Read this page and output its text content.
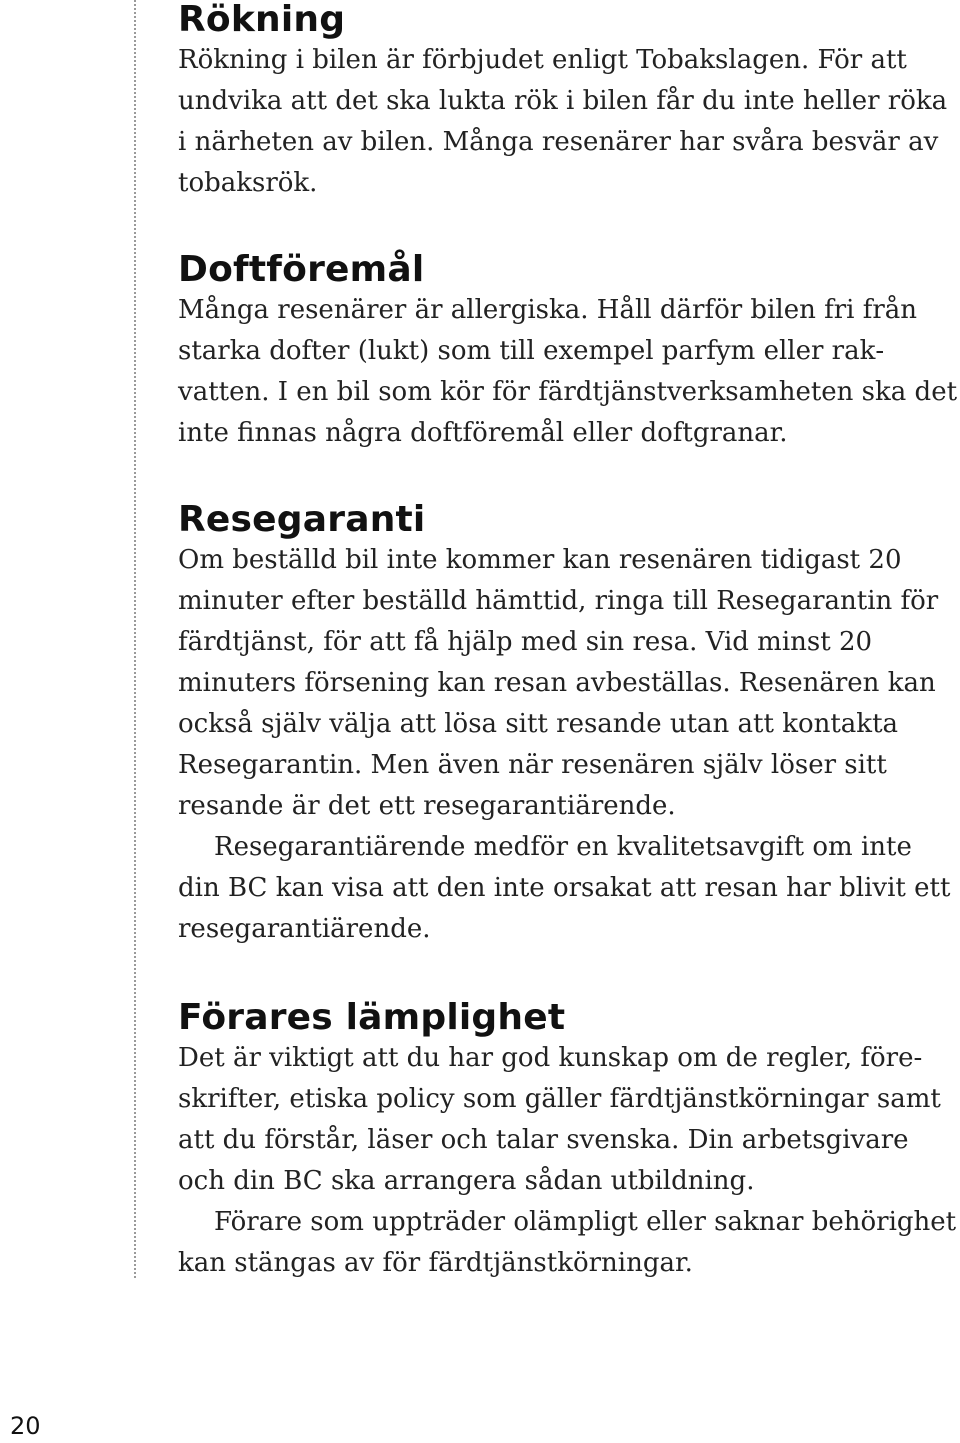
Rökning

Rökning i bilen är förbjudet enligt Tobakslagen. För att undvika att det ska lukta rök i bilen får du inte heller röka i närheten av bilen. Många resenärer har svåra besvär av tobaksrök.

Doftföremål

Många resenärer är allergiska. Håll därför bilen fri från starka dofter (lukt) som till exempel parfym eller rakvatten. I en bil som kör för färdtjänstverksamheten ska det inte finnas några doftföremål eller doftgranar.

Resegaranti

Om beställd bil inte kommer kan resenären tidigast 20 minuter efter beställd hämttid, ringa till Resegarantin för färdtjänst, för att få hjälp med sin resa. Vid minst 20 minuters försening kan resan avbeställas. Resenären kan också själv välja att lösa sitt resande utan att kontakta Resegarantin. Men även när resenären själv löser sitt resande är det ett resegarantiärende.

Resegarantiärende medför en kvalitetsavgift om inte din BC kan visa att den inte orsakat att resan har blivit ett resegarantiärende.

Förares lämplighet

Det är viktigt att du har god kunskap om de regler, föreskrifter, etiska policy som gäller färdtjänstkörningar samt att du förstår, läser och talar svenska. Din arbetsgivare och din BC ska arrangera sådan utbildning.

Förare som uppträder olämpligt eller saknar behörighet kan stängas av för färdtjänstkörningar.

20
